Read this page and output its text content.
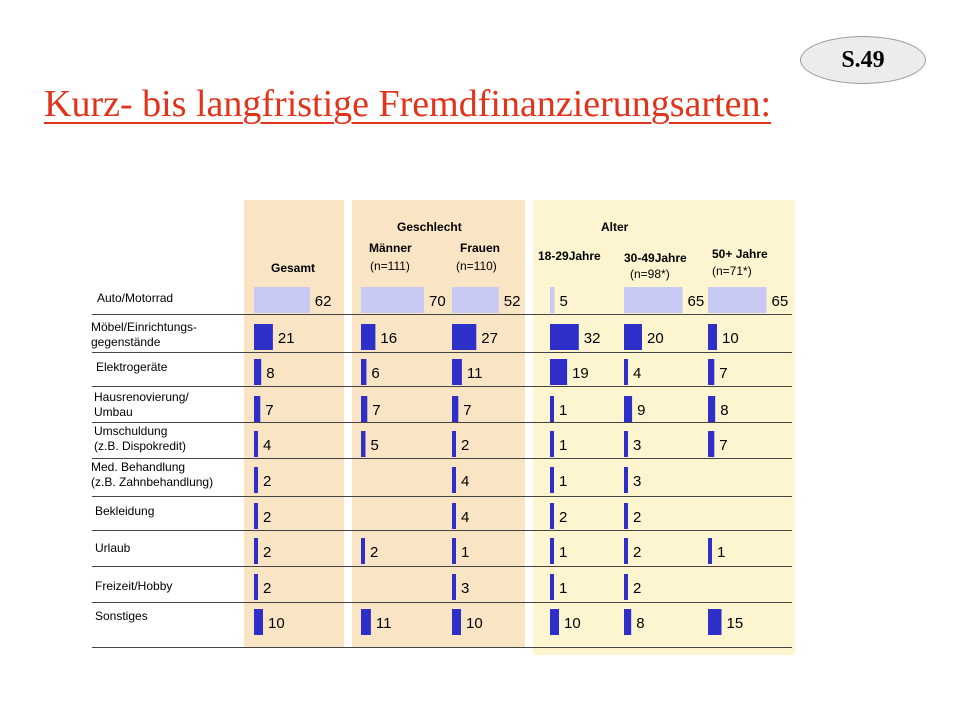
Kurz- bis langfristige Fremdfinanzierungsarten:
S.49
Geschlecht	Alter
Gesamt
Männer
(n=111)
Frauen
(n=110)
18-29Jahre 30-49Jahre
(n=98*)
50+ Jahre
(n=71*)
Auto/Motorrad
Möbel/Einrichtungs-
gegenstände
Elektrogeräte
Hausrenovierung/
Umbau
Umschuldung
(z.B. Dispokredit)
Med. Behandlung
(z.B. Zahnbehandlung)
Bekleidung
Urlaub
Freizeit/Hobby
Sonstiges
62
21
8
7
4
2
2
2
2
10
70
16
6
7
5
2
11
52
27
11
7
2
4
4
1
3
10
5
32
19
1
1
1
2
1
1
10
65
20
4
9
3
3
2
2
2
8
65
10
7
8
7
1
15
